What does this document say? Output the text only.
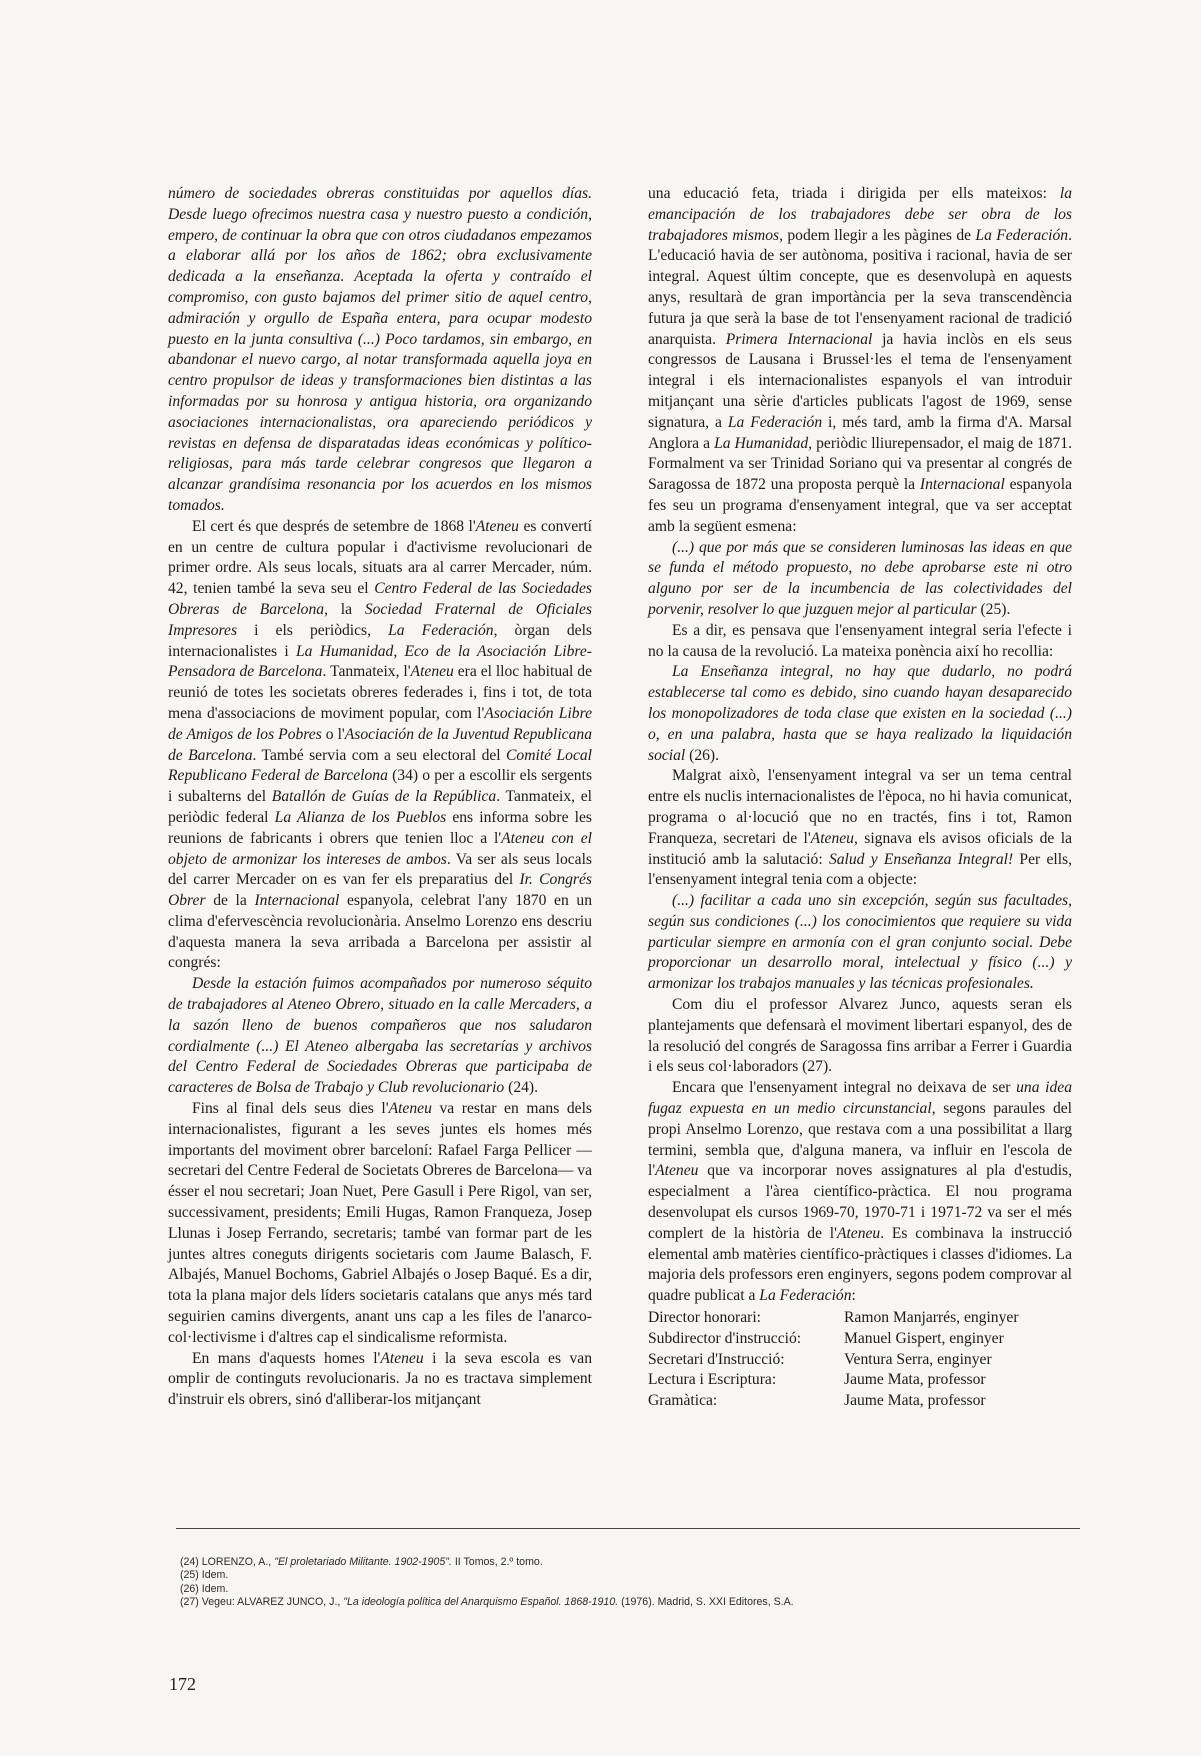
número de sociedades obreras constituidas por aquellos días. Desde luego ofrecimos nuestra casa y nuestro puesto a condición, empero, de continuar la obra que con otros ciudadanos empezamos a elaborar allá por los años de 1862; obra exclusivamente dedicada a la enseñanza. Aceptada la oferta y contraído el compromiso, con gusto bajamos del primer sitio de aquel centro, admiración y orgullo de España entera, para ocupar modesto puesto en la junta consultiva (...) Poco tardamos, sin embargo, en abandonar el nuevo cargo, al notar transformada aquella joya en centro propulsor de ideas y transformaciones bien distintas a las informadas por su honrosa y antigua historia, ora organizando asociaciones internacionalistas, ora apareciendo periódicos y revistas en defensa de disparatadas ideas económicas y político-religiosas, para más tarde celebrar congresos que llegaron a alcanzar grandísima resonancia por los acuerdos en los mismos tomados.

El cert és que després de setembre de 1868 l'Ateneu es convertí en un centre de cultura popular i d'activisme revolucionari de primer ordre. Als seus locals, situats ara al carrer Mercader, núm. 42, tenien també la seva seu el Centro Federal de las Sociedades Obreras de Barcelona, la Sociedad Fraternal de Oficiales Impresores i els periòdics, La Federación, òrgan dels internacionalistes i La Humanidad, Eco de la Asociación Libre-Pensadora de Barcelona. Tanmateix, l'Ateneu era el lloc habitual de reunió de totes les societats obreres federades i, fins i tot, de tota mena d'associacions de moviment popular, com l'Asociación Libre de Amigos de los Pobres o l'Asociación de la Juventud Republicana de Barcelona. També servia com a seu electoral del Comité Local Republicano Federal de Barcelona (34) o per a escollir els sergents i subalterns del Batallón de Guías de la República. Tanmateix, el periòdic federal La Alianza de los Pueblos ens informa sobre les reunions de fabricants i obrers que tenien lloc a l'Ateneu con el objeto de armonizar los intereses de ambos. Va ser als seus locals del carrer Mercader on es van fer els preparatius del Ir. Congrés Obrer de la Internacional espanyola, celebrat l'any 1870 en un clima d'efervescència revolucionària. Anselmo Lorenzo ens descriu d'aquesta manera la seva arribada a Barcelona per assistir al congrés:

Desde la estación fuimos acompañados por numeroso séquito de trabajadores al Ateneo Obrero, situado en la calle Mercaders, a la sazón lleno de buenos compañeros que nos saludaron cordialmente (...) El Ateneo albergaba las secretarías y archivos del Centro Federal de Sociedades Obreras que participaba de caracteres de Bolsa de Trabajo y Club revolucionario (24).

Fins al final dels seus dies l'Ateneu va restar en mans dels internacionalistes, figurant a les seves juntes els homes més importants del moviment obrer barceloní: Rafael Farga Pellicer —secretari del Centre Federal de Societats Obreres de Barcelona— va ésser el nou secretari; Joan Nuet, Pere Gasull i Pere Rigol, van ser, successivament, presidents; Emili Hugas, Ramon Franqueza, Josep Llunas i Josep Ferrando, secretaris; també van formar part de les juntes altres coneguts dirigents societaris com Jaume Balasch, F. Albajés, Manuel Bochoms, Gabriel Albajés o Josep Baqué. Es a dir, tota la plana major dels líders societaris catalans que anys més tard seguirien camins divergents, anant uns cap a les files de l'anarco-col·lectivisme i d'altres cap el sindicalisme reformista.

En mans d'aquests homes l'Ateneu i la seva escola es van omplir de continguts revolucionaris. Ja no es tractava simplement d'instruir els obrers, sinó d'alliberar-los mitjançant

una educació feta, triada i dirigida per ells mateixos: la emancipación de los trabajadores debe ser obra de los trabajadores mismos, podem llegir a les pàgines de La Federación. L'educació havia de ser autònoma, positiva i racional, havia de ser integral. Aquest últim concepte, que es desenvolupà en aquests anys, resultarà de gran importància per la seva transcendència futura ja que serà la base de tot l'ensenyament racional de tradició anarquista. Primera Internacional ja havia inclòs en els seus congressos de Lausana i Brussel·les el tema de l'ensenyament integral i els internacionalistes espanyols el van introduir mitjançant una sèrie d'articles publicats l'agost de 1969, sense signatura, a La Federación i, més tard, amb la firma d'A. Marsal Anglora a La Humanidad, periòdic lliurepensador, el maig de 1871. Formalment va ser Trinidad Soriano qui va presentar al congrés de Saragossa de 1872 una proposta perquè la Internacional espanyola fes seu un programa d'ensenyament integral, que va ser acceptat amb la següent esmena:

(...) que por más que se consideren luminosas las ideas en que se funda el método propuesto, no debe aprobarse este ni otro alguno por ser de la incumbencia de las colectividades del porvenir, resolver lo que juzguen mejor al particular (25).

Es a dir, es pensava que l'ensenyament integral seria l'efecte i no la causa de la revolució. La mateixa ponència així ho recollia:

La Enseñanza integral, no hay que dudarlo, no podrá establecerse tal como es debido, sino cuando hayan desaparecido los monopolizadores de toda clase que existen en la sociedad (...) o, en una palabra, hasta que se haya realizado la liquidación social (26).

Malgrat això, l'ensenyament integral va ser un tema central entre els nuclis internacionalistes de l'època, no hi havia comunicat, programa o al·locució que no en tractés, fins i tot, Ramon Franqueza, secretari de l'Ateneu, signava els avisos oficials de la institució amb la salutació: Salud y Enseñanza Integral! Per ells, l'ensenyament integral tenia com a objecte:

(...) facilitar a cada uno sin excepción, según sus facultades, según sus condiciones (...) los conocimientos que requiere su vida particular siempre en armonía con el gran conjunto social. Debe proporcionar un desarrollo moral, intelectual y físico (...) y armonizar los trabajos manuales y las técnicas profesionales.

Com diu el professor Alvarez Junco, aquests seran els plantejaments que defensarà el moviment libertari espanyol, des de la resolució del congrés de Saragossa fins arribar a Ferrer i Guardia i els seus col·laboradors (27).

Encara que l'ensenyament integral no deixava de ser una idea fugaz expuesta en un medio circunstancial, segons paraules del propi Anselmo Lorenzo, que restava com a una possibilitat a llarg termini, sembla que, d'alguna manera, va influir en l'escola de l'Ateneu que va incorporar noves assignatures al pla d'estudis, especialment a l'àrea científico-pràctica. El nou programa desenvolupat els cursos 1969-70, 1970-71 i 1971-72 va ser el més complert de la història de l'Ateneu. Es combinava la instrucció elemental amb matèries científico-pràctiques i classes d'idiomes. La majoria dels professors eren enginyers, segons podem comprovar al quadre publicat a La Federación:

Director honorari:	Ramon Manjarrés, enginyer
Subdirector d'instrucció:	Manuel Gispert, enginyer
Secretari d'Instrucció:	Ventura Serra, enginyer
Lectura i Escriptura:	Jaume Mata, professor
Gramàtica:	Jaume Mata, professor
(24) LORENZO, A., "El proletariado Militante. 1902-1905". II Tomos, 2.º tomo.
(25) Idem.
(26) Idem.
(27) Vegeu: ALVAREZ JUNCO, J., "La ideología política del Anarquismo Español. 1868-1910. (1976). Madrid, S. XXI Editores, S.A.
172
